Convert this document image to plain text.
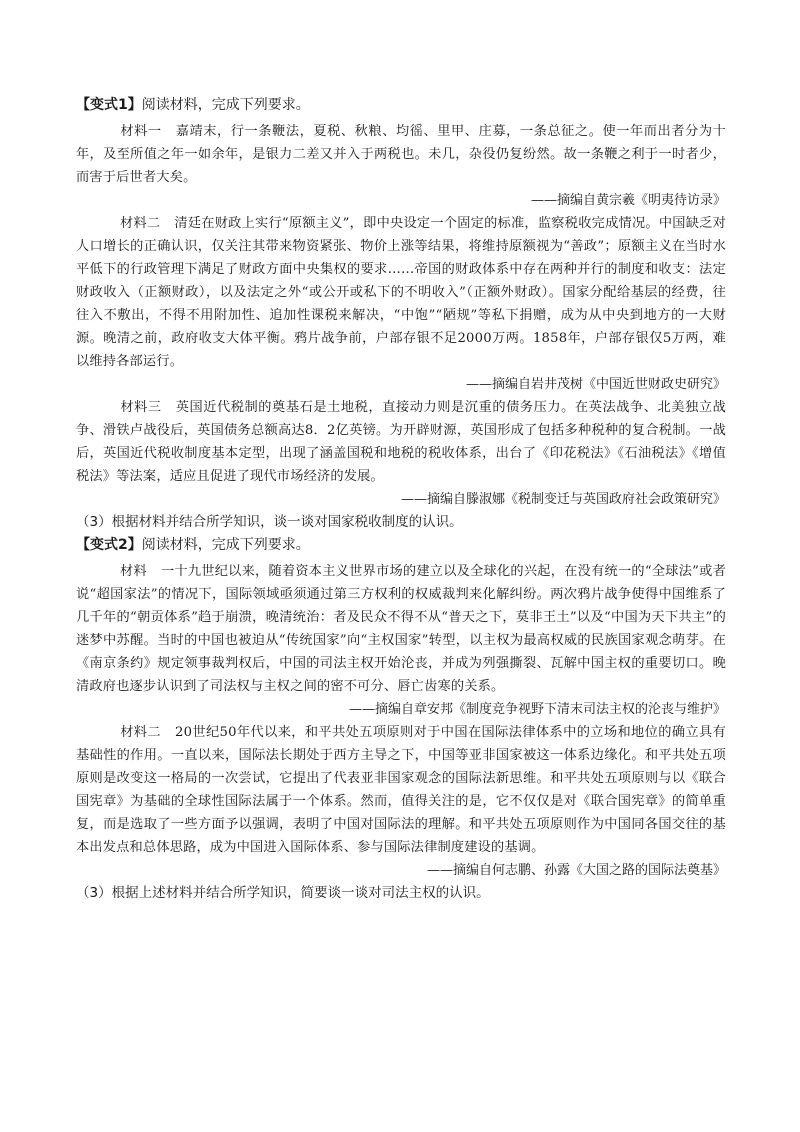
【变式1】阅读材料，完成下列要求。

材料一 嘉靖末，行一条鞭法，夏税、秋粮、均徭、里甲、庄募，一条总征之。使一年而出者分为十年，及至所值之年一如余年，是银力二差又并入于两税也。未几，杂役仍复纷然。故一条鞭之利于一时者少，而害于后世者大矣。

——摘编自黄宗羲《明夷待访录》

材料二 清廷在财政上实行“原额主义”，即中央设定一个固定的标准，监察税收完成情况。中国缺乏对人口增长的正确认识，仅关注其带来物资紧张、物价上涨等结果，将维持原额视为“善政”；原额主义在当时水平低下的行政管理下满足了财政方面中央集权的要求……帝国的财政体系中存在两种并行的制度和收支：法定财政收入（正额财政），以及法定之外“或公开或私下的不明收入”（正额外财政）。国家分配给基层的经费，往往入不敷出，不得不用附加性、追加性课税来解决，“中饱”“陋规”等私下捐赠，成为从中央到地方的一大财源。晚清之前，政府收支大体平衡。鸦片战争前，户部存银不足2000万两。1858年，户部存银仅5万两，难以维持各部运行。

——摘编自岩井茂树《中国近世财政史研究》

材料三 英国近代税制的奠基石是土地税，直接动力则是沉重的债务压力。在英法战争、北美独立战争、滑铁卢战役后，英国债务总额高达8．2亿英镑。为开辟财源，英国形成了包括多种税种的复合税制。一战后，英国近代税收制度基本定型，出现了涵盖国税和地税的税收体系，出台了《印花税法》《石油税法》《增值税法》等法案，适应且促进了现代市场经济的发展。

——摘编自滕淑娜《税制变迁与英国政府社会政策研究》

（3）根据材料并结合所学知识，谈一谈对国家税收制度的认识。

【变式2】阅读材料，完成下列要求。

材料 一十九世纪以来，随着资本主义世界市场的建立以及全球化的兴起，在没有统一的“全球法”或者说“超国家法”的情况下，国际领域亟须通过第三方权利的权威裁判来化解纠纷。两次鸦片战争使得中国维系了几千年的“朝贡体系”趋于崩溃，晚清统治：者及民众不得不从“普天之下，莫非王土”以及“中国为天下共主”的迷梦中苏醒。当时的中国也被迫从“传统国家”向“主权国家”转型，以主权为最高权威的民族国家观念萌芽。在《南京条约》规定领事裁判权后，中国的司法主权开始沦丧，并成为列强撕裂、瓦解中国主权的重要切口。晚清政府也逐步认识到了司法权与主权之间的密不可分、唇亡齿寒的关系。

——摘编自章安邦《制度竞争视野下清末司法主权的沦丧与维护》

材料二 20世纪50年代以来，和平共处五项原则对于中国在国际法律体系中的立场和地位的确立具有基础性的作用。一直以来，国际法长期处于西方主导之下，中国等亚非国家被这一体系边缘化。和平共处五项原则是改变这一格局的一次尝试，它提出了代表亚非国家观念的国际法新思维。和平共处五项原则与以《联合国宪章》为基础的全球性国际法属于一个体系。然而，值得关注的是，它不仅仅是对《联合国宪章》的简单重复，而是选取了一些方面予以强调，表明了中国对国际法的理解。和平共处五项原则作为中国同各国交往的基本出发点和总体思路，成为中国进入国际体系、参与国际法律制度建设的基调。

——摘编自何志鹏、孙露《大国之路的国际法奠基》

（3）根据上述材料并结合所学知识，简要谈一谈对司法主权的认识。
